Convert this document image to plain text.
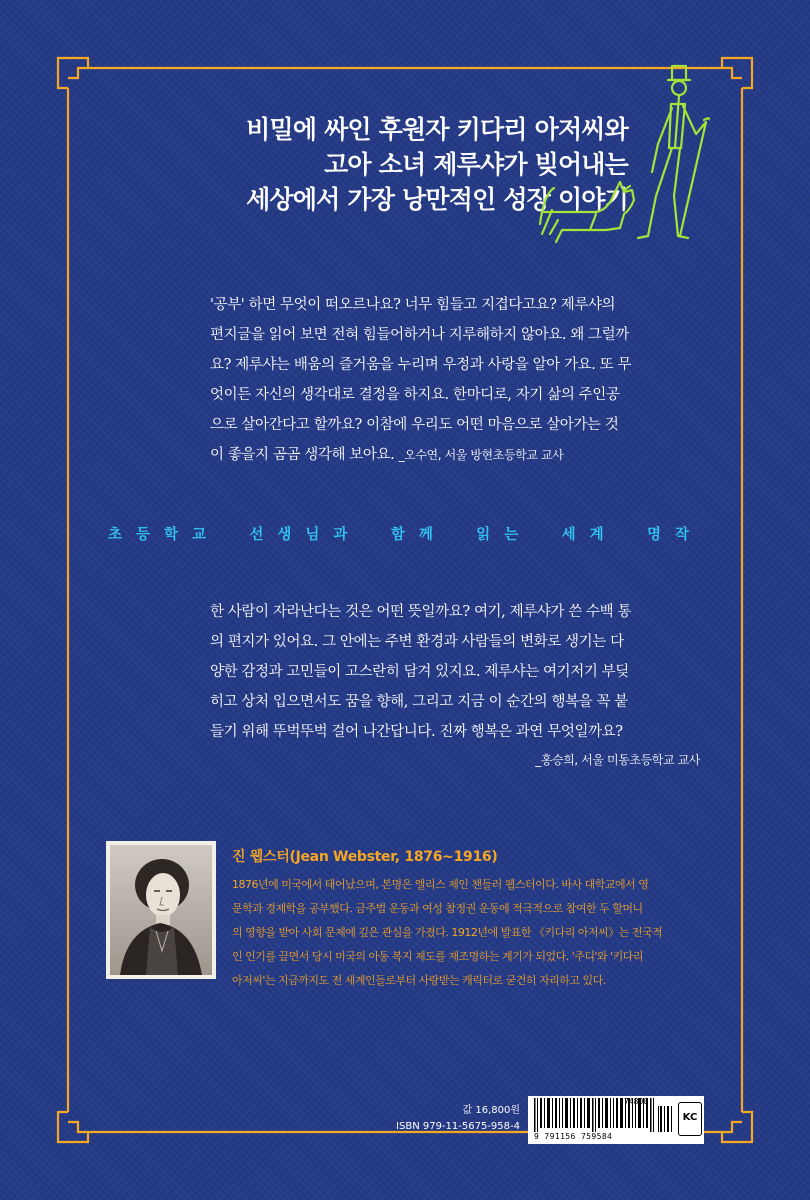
비밀에 싸인 후원자 키다리 아저씨와
고아 소녀 제루샤가 빚어내는
세상에서 가장 낭만적인 성장 이야기
'공부' 하면 무엇이 떠오르나요? 너무 힘들고 지겹다고요? 제루샤의
편지글을 읽어 보면 전혀 힘들어하거나 지루해하지 않아요. 왜 그럴까
요? 제루샤는 배움의 즐거움을 누리며 우정과 사랑을 알아 가요. 또 무
엇이든 자신의 생각대로 결정을 하지요. 한마디로, 자기 삶의 주인공
으로 살아간다고 할까요? 이참에 우리도 어떤 마음으로 살아가는 것
이 좋을지 곰곰 생각해 보아요. _오수연, 서울 방현초등학교 교사
초등학교 선생님과 함께 읽는 세계 명작
한 사람이 자라난다는 것은 어떤 뜻일까요? 여기, 제루샤가 쓴 수백 통
의 편지가 있어요. 그 안에는 주변 환경과 사람들의 변화로 생기는 다
양한 감정과 고민들이 고스란히 담겨 있지요. 제루샤는 여기저기 부딪
히고 상처 입으면서도 꿈을 향해, 그리고 지금 이 순간의 행복을 꼭 붙
들기 위해 뚜벅뚜벅 걸어 나간답니다. 진짜 행복은 과연 무엇일까요?
_홍승희, 서울 미동초등학교 교사
진 웹스터(Jean Webster, 1876~1916)
1876년에 미국에서 태어났으며, 본명은 앨리스 제인 챈들러 웹스터이다. 바사 대학교에서 영
문학과 경제학을 공부했다. 금주법 운동과 여성 참정권 운동에 적극적으로 참여한 두 할머니
의 영향을 받아 사회 문제에 깊은 관심을 가졌다. 1912년에 발표한 《키다리 아저씨》는 전국적
인 인기를 끌면서 당시 미국의 아동 복지 제도를 재조명하는 계기가 되었다. '주디'와 '키다리
아저씨'는 지금까지도 전 세계인들로부터 사랑받는 캐릭터로 굳건히 자리하고 있다.
값 16,800원
ISBN 979-11-5675-958-4
74800
9 791156 759584
KC
